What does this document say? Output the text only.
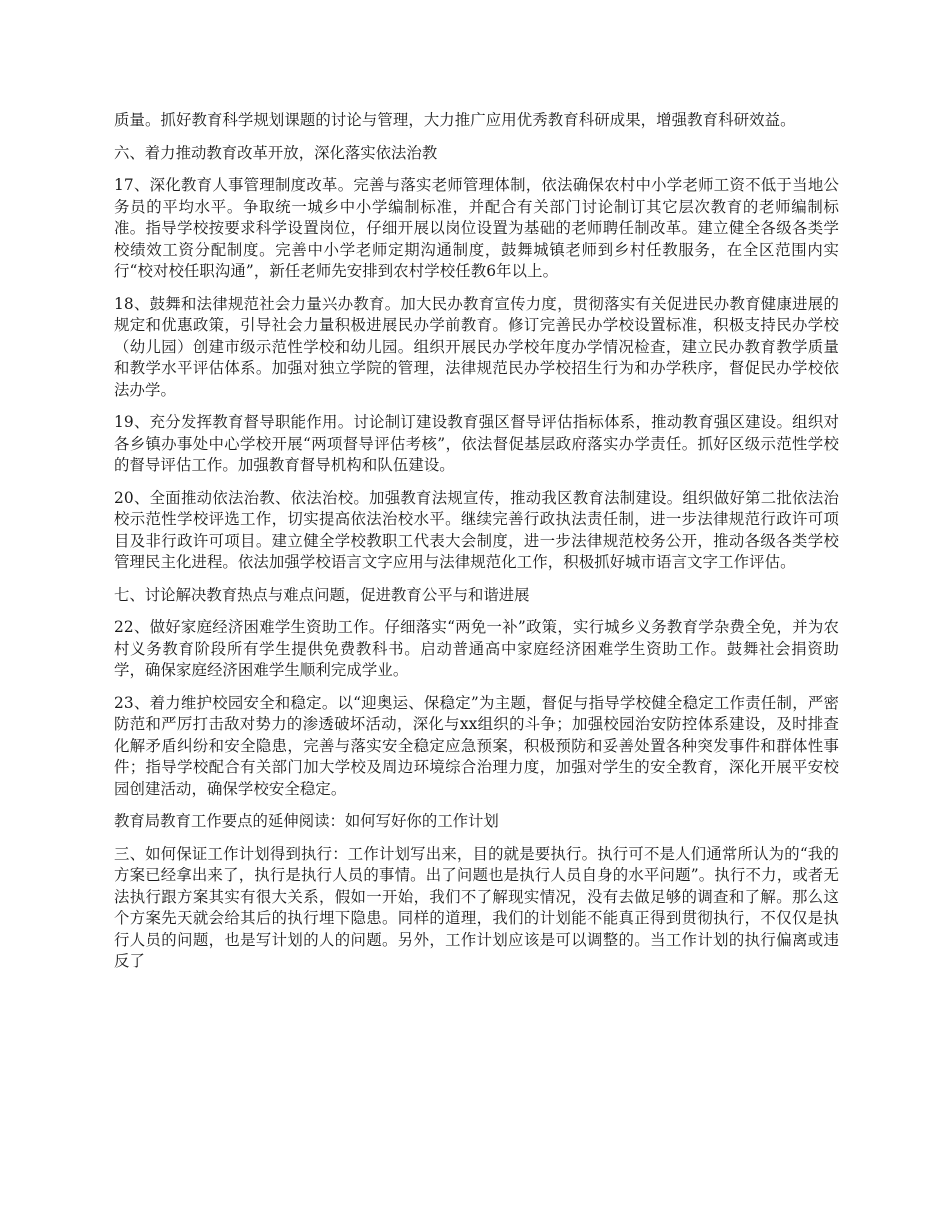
质量。抓好教育科学规划课题的讨论与管理，大力推广应用优秀教育科研成果，增强教育科研效益。

六、着力推动教育改革开放，深化落实依法治教

17、深化教育人事管理制度改革。完善与落实老师管理体制，依法确保农村中小学老师工资不低于当地公务员的平均水平。争取统一城乡中小学编制标准，并配合有关部门讨论制订其它层次教育的老师编制标准。指导学校按要求科学设置岗位，仔细开展以岗位设置为基础的老师聘任制改革。建立健全各级各类学校绩效工资分配制度。完善中小学老师定期沟通制度，鼓舞城镇老师到乡村任教服务，在全区范围内实行“校对校任职沟通”，新任老师先安排到农村学校任教6年以上。

18、鼓舞和法律规范社会力量兴办教育。加大民办教育宣传力度，贯彻落实有关促进民办教育健康进展的规定和优惠政策，引导社会力量积极进展民办学前教育。修订完善民办学校设置标准，积极支持民办学校（幼儿园）创建市级示范性学校和幼儿园。组织开展民办学校年度办学情况检查，建立民办教育教学质量和教学水平评估体系。加强对独立学院的管理，法律规范民办学校招生行为和办学秩序，督促民办学校依法办学。

19、充分发挥教育督导职能作用。讨论制订建设教育强区督导评估指标体系，推动教育强区建设。组织对各乡镇办事处中心学校开展“两项督导评估考核”，依法督促基层政府落实办学责任。抓好区级示范性学校的督导评估工作。加强教育督导机构和队伍建设。

20、全面推动依法治教、依法治校。加强教育法规宣传，推动我区教育法制建设。组织做好第二批依法治校示范性学校评选工作，切实提高依法治校水平。继续完善行政执法责任制，进一步法律规范行政许可项目及非行政许可项目。建立健全学校教职工代表大会制度，进一步法律规范校务公开，推动各级各类学校管理民主化进程。依法加强学校语言文字应用与法律规范化工作，积极抓好城市语言文字工作评估。

七、讨论解决教育热点与难点问题，促进教育公平与和谐进展

22、做好家庭经济困难学生资助工作。仔细落实“两免一补”政策，实行城乡义务教育学杂费全免，并为农村义务教育阶段所有学生提供免费教科书。启动普通高中家庭经济困难学生资助工作。鼓舞社会捐资助学，确保家庭经济困难学生顺利完成学业。

23、着力维护校园安全和稳定。以“迎奥运、保稳定”为主题，督促与指导学校健全稳定工作责任制，严密防范和严厉打击敌对势力的渗透破坏活动，深化与xx组织的斗争；加强校园治安防控体系建设，及时排查化解矛盾纠纷和安全隐患，完善与落实安全稳定应急预案，积极预防和妥善处置各种突发事件和群体性事件；指导学校配合有关部门加大学校及周边环境综合治理力度，加强对学生的安全教育，深化开展平安校园创建活动，确保学校安全稳定。

教育局教育工作要点的延伸阅读：如何写好你的工作计划

三、如何保证工作计划得到执行：工作计划写出来，目的就是要执行。执行可不是人们通常所认为的“我的方案已经拿出来了，执行是执行人员的事情。出了问题也是执行人员自身的水平问题”。执行不力，或者无法执行跟方案其实有很大关系，假如一开始，我们不了解现实情况，没有去做足够的调查和了解。那么这个方案先天就会给其后的执行埋下隐患。同样的道理，我们的计划能不能真正得到贯彻执行，不仅仅是执行人员的问题，也是写计划的人的问题。另外，工作计划应该是可以调整的。当工作计划的执行偏离或违反了
